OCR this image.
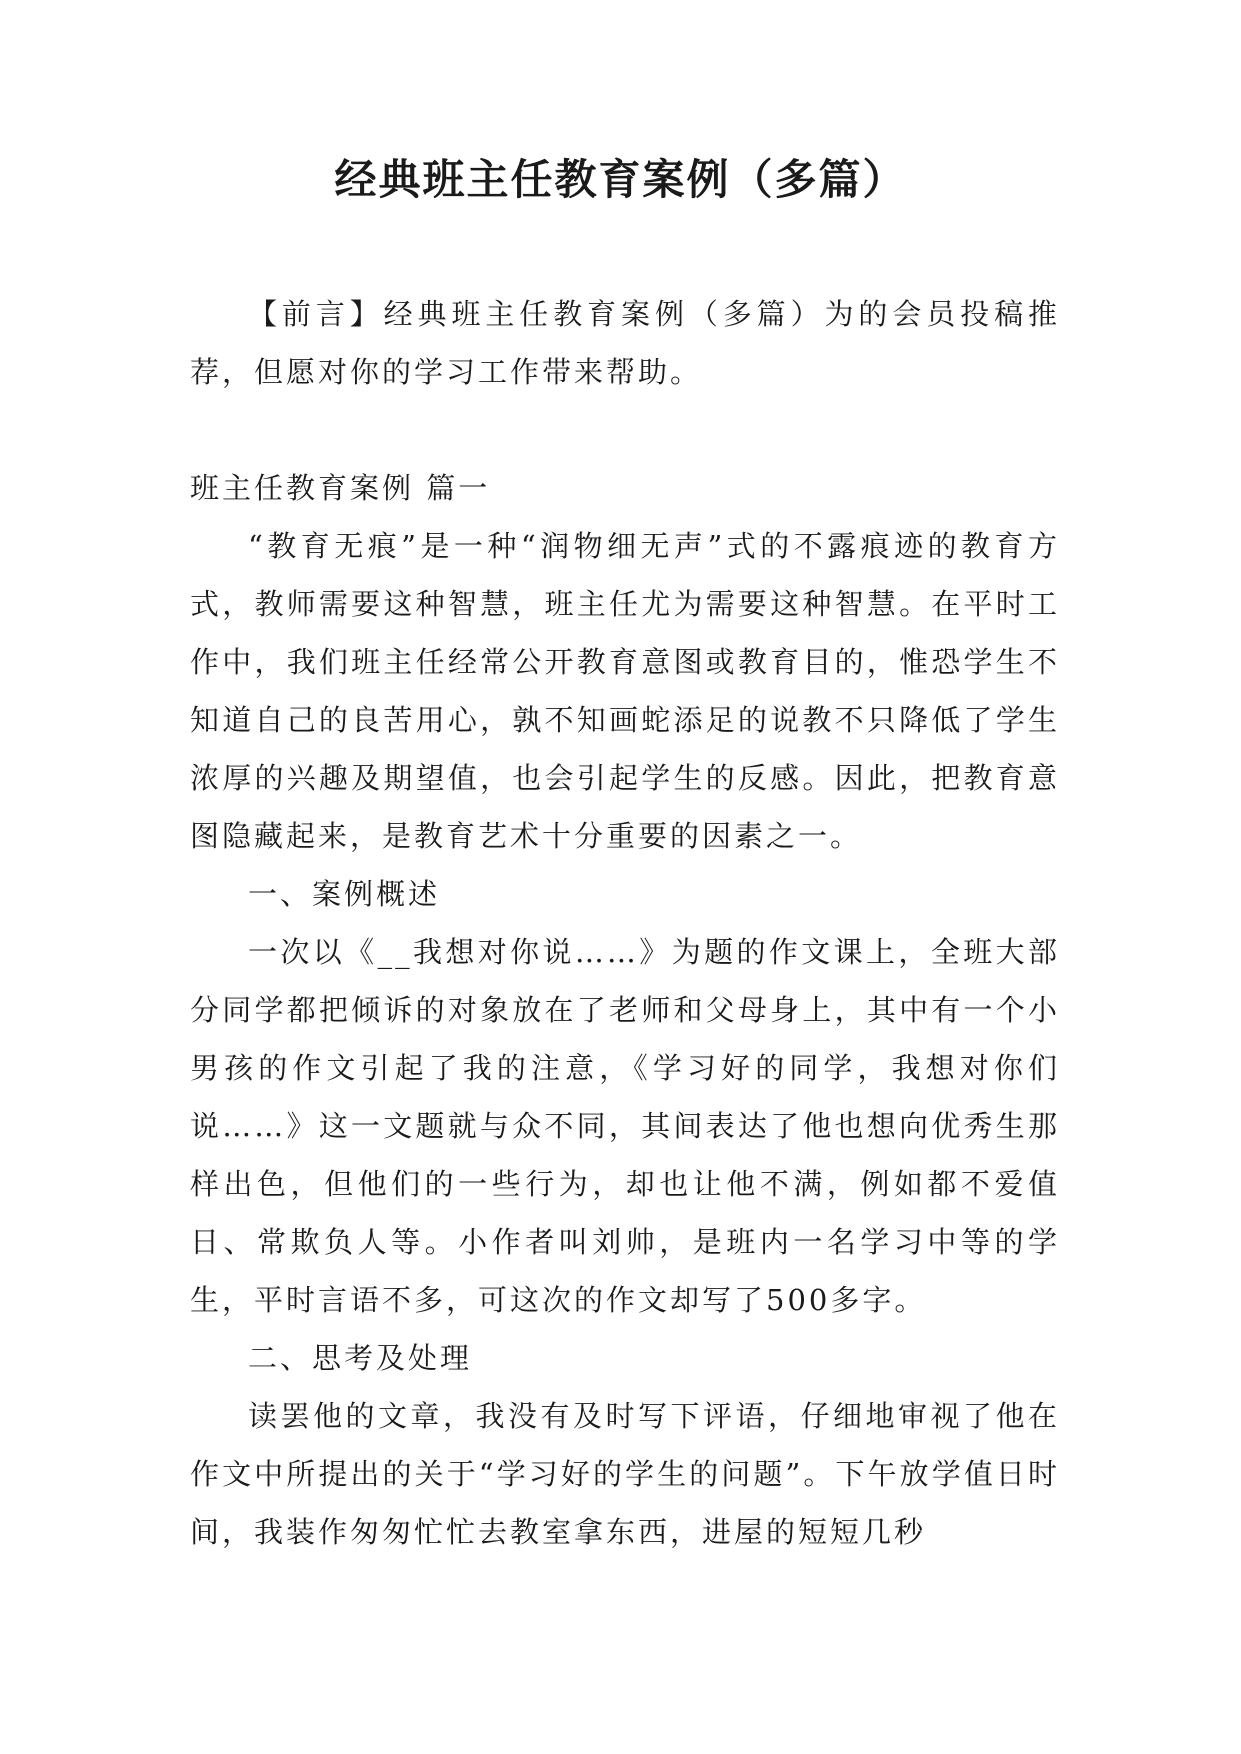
经典班主任教育案例（多篇）

【前言】经典班主任教育案例（多篇）为的会员投稿推荐，但愿对你的学习工作带来帮助。

班主任教育案例 篇一

“教育无痕”是一种“润物细无声”式的不露痕迹的教育方式，教师需要这种智慧，班主任尤为需要这种智慧。在平时工作中，我们班主任经常公开教育意图或教育目的，惟恐学生不知道自己的良苦用心，孰不知画蛇添足的说教不只降低了学生浓厚的兴趣及期望值，也会引起学生的反感。因此，把教育意图隐藏起来，是教育艺术十分重要的因素之一。

一、案例概述

一次以《__我想对你说……》为题的作文课上，全班大部分同学都把倾诉的对象放在了老师和父母身上，其中有一个小男孩的作文引起了我的注意，《学习好的同学，我想对你们说……》这一文题就与众不同，其间表达了他也想向优秀生那样出色，但他们的一些行为，却也让他不满，例如都不爱值日、常欺负人等。小作者叫刘帅，是班内一名学习中等的学生，平时言语不多，可这次的作文却写了500多字。

二、思考及处理

读罢他的文章，我没有及时写下评语，仔细地审视了他在作文中所提出的关于“学习好的学生的问题”。下午放学值日时间，我装作匆匆忙忙去教室拿东西，进屋的短短几秒
